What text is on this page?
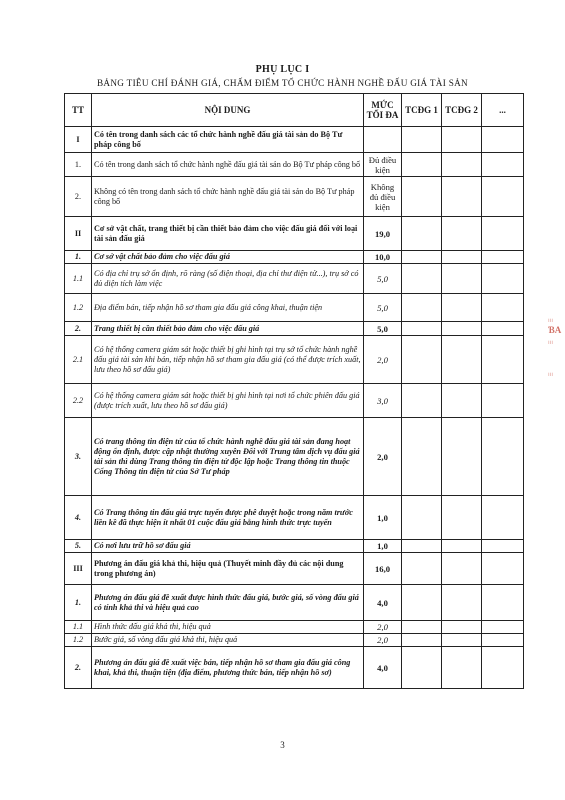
PHỤ LỤC I
BẢNG TIÊU CHÍ ĐÁNH GIÁ, CHẤM ĐIỂM TỔ CHỨC HÀNH NGHỀ ĐẤU GIÁ TÀI SẢN
TT	NỘI DUNG	MỨC TỐI ĐA	TCĐG 1	TCĐG 2	...
I	Có tên trong danh sách các tổ chức hành nghề đấu giá tài sản do Bộ Tư pháp công bố				
1.	Có tên trong danh sách tổ chức hành nghề đấu giá tài sản do Bộ Tư pháp công bố	Đủ điều kiện			
2.	Không có tên trong danh sách tổ chức hành nghề đấu giá tài sản do Bộ Tư pháp công bố	Không đủ điều kiện			
II	Cơ sở vật chất, trang thiết bị cần thiết bảo đảm cho việc đấu giá đối với loại tài sản đấu giá	19,0			
1.	Cơ sở vật chất bảo đảm cho việc đấu giá	10,0			
1.1	Có địa chỉ trụ sở ổn định, rõ ràng (số điện thoại, địa chỉ thư điện tử...), trụ sở có đủ diện tích làm việc	5,0			
1.2	Địa điểm bán, tiếp nhận hồ sơ tham gia đấu giá công khai, thuận tiện	5,0			
2.	Trang thiết bị cần thiết bảo đảm cho việc đấu giá	5,0			
2.1	Có hệ thống camera giám sát hoặc thiết bị ghi hình tại trụ sở tổ chức hành nghề đấu giá tài sản khi bán, tiếp nhận hồ sơ tham gia đấu giá (có thể được trích xuất, lưu theo hồ sơ đấu giá)	2,0			
2.2	Có hệ thống camera giám sát hoặc thiết bị ghi hình tại nơi tổ chức phiên đấu giá (được trích xuất, lưu theo hồ sơ đấu giá)	3,0			
3.	Có trang thông tin điện tử của tổ chức hành nghề đấu giá tài sản đang hoạt động ổn định, được cập nhật thường xuyên Đối với Trung tâm dịch vụ đấu giá tài sản thì dùng Trang thông tin điện tử độc lập hoặc Trang thông tin thuộc Cổng Thông tin điện tử của Sở Tư pháp	2,0			
4.	Có Trang thông tin đấu giá trực tuyến được phê duyệt hoặc trong năm trước liền kề đã thực hiện ít nhất 01 cuộc đấu giá bằng hình thức trực tuyến	1,0			
5.	Có nơi lưu trữ hồ sơ đấu giá	1,0			
III	Phương án đấu giá khả thi, hiệu quả (Thuyết minh đầy đủ các nội dung trong phương án)	16,0			
1.	Phương án đấu giá đề xuất được hình thức đấu giá, bước giá, số vòng đấu giá có tính khả thi và hiệu quả cao	4,0			
1.1	Hình thức đấu giá khả thi, hiệu quả	2,0			
1.2	Bước giá, số vòng đấu giá khả thi, hiệu quả	2,0			
2.	Phương án đấu giá đề xuất việc bán, tiếp nhận hồ sơ tham gia đấu giá công khai, khả thi, thuận tiện (địa điểm, phương thức bán, tiếp nhận hồ sơ)	4,0			
3
⁞⁞⁞
ƁA
⁞⁞⁞
⁞⁞⁞
